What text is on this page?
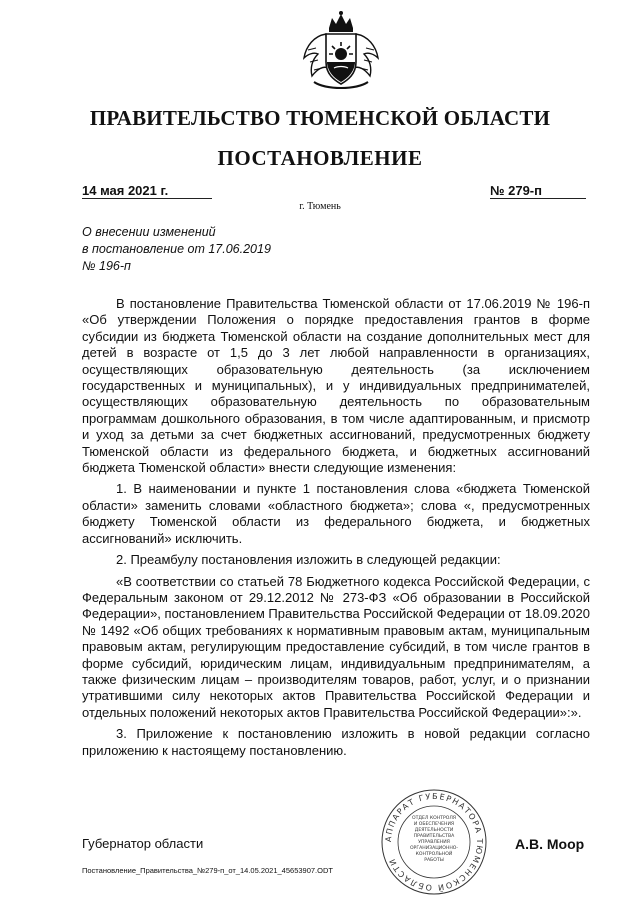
ПРАВИТЕЛЬСТВО ТЮМЕНСКОЙ ОБЛАСТИ
ПОСТАНОВЛЕНИЕ
14 мая 2021 г.	№ 279-п
г. Тюмень
О внесении изменений
в постановление от 17.06.2019
№ 196-п

В постановление Правительства Тюменской области от 17.06.2019 № 196-п «Об утверждении Положения о порядке предоставления грантов в форме субсидии из бюджета Тюменской области на создание дополнительных мест для детей в возрасте от 1,5 до 3 лет любой направленности в организациях, осуществляющих образовательную деятельность (за исключением государственных и муниципальных), и у индивидуальных предпринимателей, осуществляющих образовательную деятельность по образовательным программам дошкольного образования, в том числе адаптированным, и присмотр и уход за детьми за счет бюджетных ассигнований, предусмотренных бюджету Тюменской области из федерального бюджета, и бюджетных ассигнований бюджета Тюменской области» внести следующие изменения:

1. В наименовании и пункте 1 постановления слова «бюджета Тюменской области» заменить словами «областного бюджета»; слова «, предусмотренных бюджету Тюменской области из федерального бюджета, и бюджетных ассигнований» исключить.

2. Преамбулу постановления изложить в следующей редакции:

«В соответствии со статьей 78 Бюджетного кодекса Российской Федерации, с Федеральным законом от 29.12.2012 № 273-ФЗ «Об образовании в Российской Федерации», постановлением Правительства Российской Федерации от 18.09.2020 № 1492 «Об общих требованиях к нормативным правовым актам, муниципальным правовым актам, регулирующим предоставление субсидий, в том числе грантов в форме субсидий, юридическим лицам, индивидуальным предпринимателям, а также физическим лицам – производителям товаров, работ, услуг, и о признании утратившими силу некоторых актов Правительства Российской Федерации и отдельных положений некоторых актов Правительства Российской Федерации»:».

3. Приложение к постановлению изложить в новой редакции согласно приложению к настоящему постановлению.

АППАРАТ ГУБЕРНАТОРА ТЮМЕНСКОЙ ОБЛАСТИ
ОТДЕЛ КОНТРОЛЯ
И ОБЕСПЕЧЕНИЯ
ДЕЯТЕЛЬНОСТИ
ПРАВИТЕЛЬСТВА
УПРАВЛЕНИЯ
ОРГАНИЗАЦИОННО-
КОНТРОЛЬНОЙ
РАБОТЫ
Губернатор области	А.В. Моор
Постановление_Правительства_№279-п_от_14.05.2021_45653907.ODT
